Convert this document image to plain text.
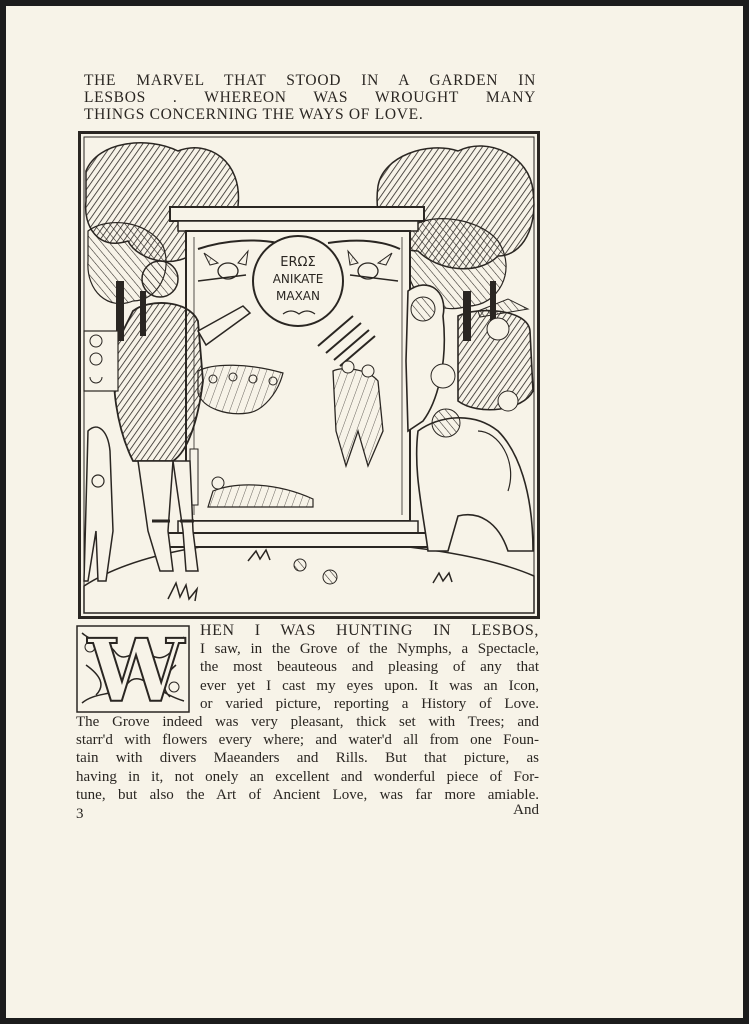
THE MARVEL THAT STOOD IN A GARDEN IN
LESBOS . WHEREON WAS WROUGHT MANY
THINGS CONCERNING THE WAYS OF LOVE.
ERΩΣ
ANIKATE
MAXAN
W HEN I WAS HUNTING IN LESBOS,
I saw, in the Grove of the Nymphs, a Spectacle,
the most beauteous and pleasing of any that
ever yet I cast my eyes upon. It was an Icon,
or varied picture, reporting a History of Love.
The Grove indeed was very pleasant, thick set with Trees; and
starr'd with flowers every where; and water'd all from one Foun-
tain with divers Maeanders and Rills. But that picture, as
having in it, not onely an excellent and wonderful piece of For-
tune, but also the Art of Ancient Love, was far more amiable.
3	And
